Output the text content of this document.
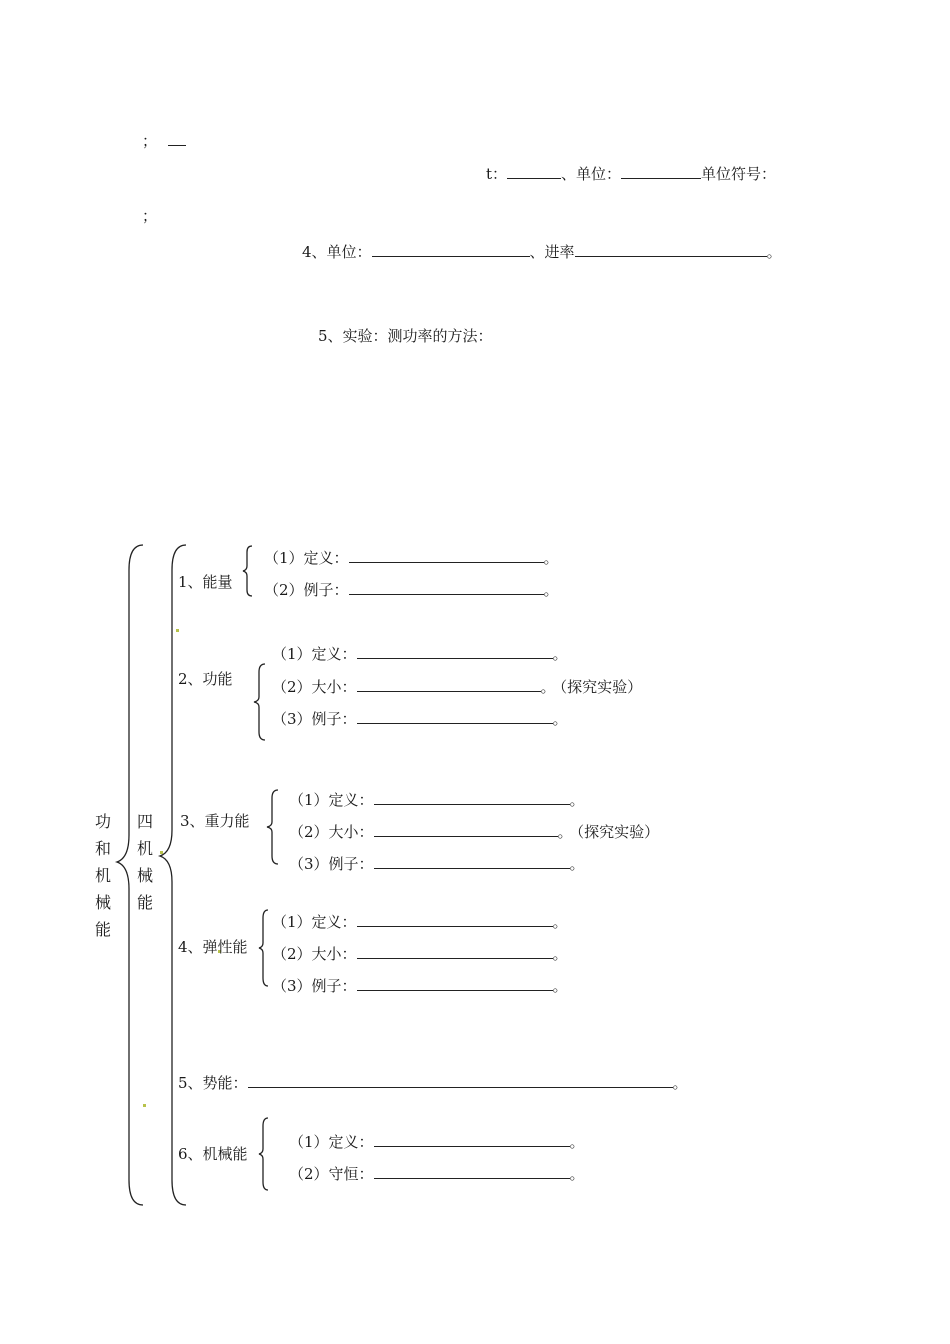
；
t：	、单位：	单位符号：
；
4、单位：	、进率	。
5、实验：测功率的方法：
功和机械能
四机械能
1、能量
（1）定义：	。
（2）例子：	。
2、功能
（1）定义：	。
（2）大小：	。 （探究实验）
（3）例子：	。
3、重力能
（1）定义：	。
（2）大小：	。 （探究实验）
（3）例子：	。
4、弹性能
（1）定义：	。
（2）大小：	。
（3）例子：	。
5、势能：	。
6、机械能
（1）定义：	。
（2）守恒：	。
